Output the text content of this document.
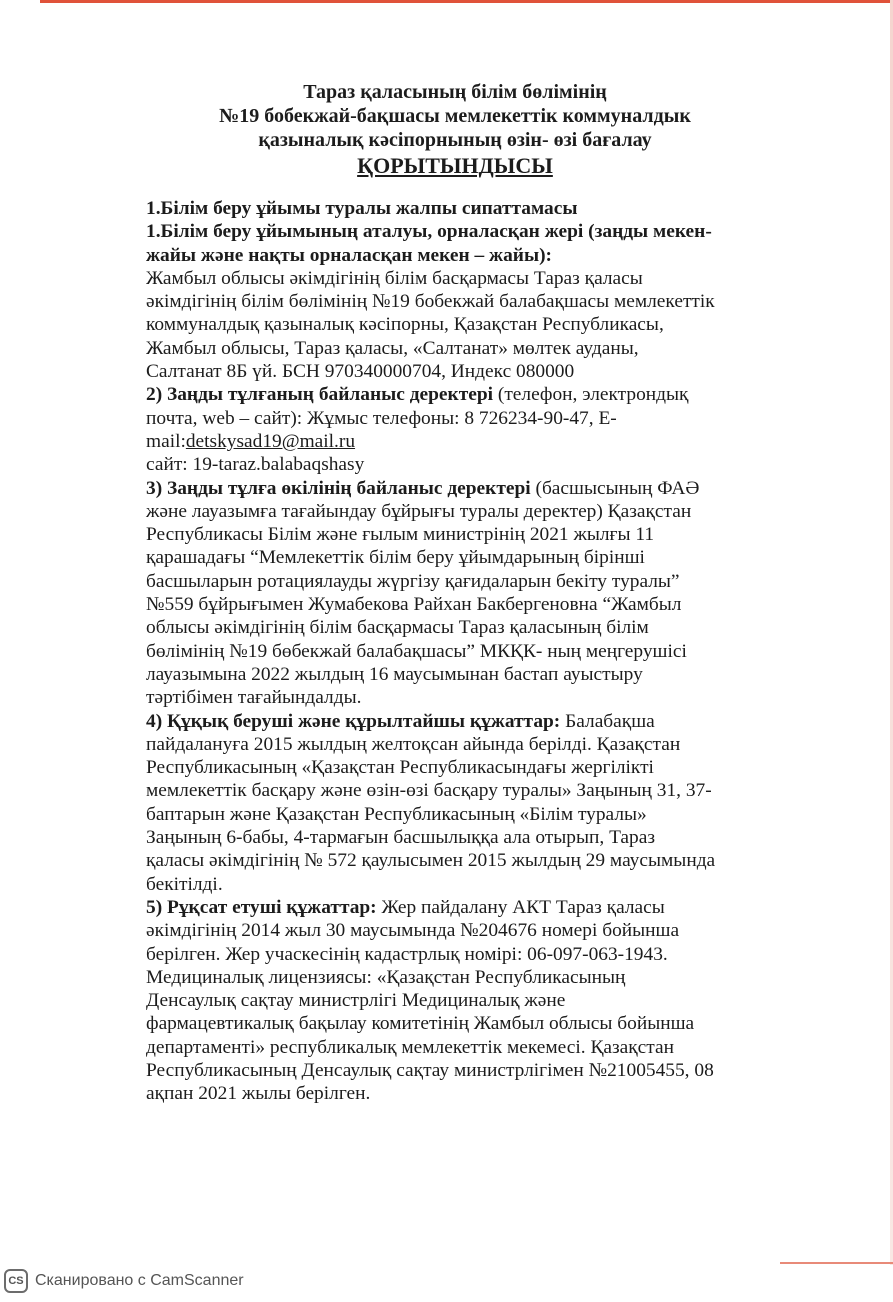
Тараз қаласының білім бөлімінің
№19 бобекжай-бақшасы мемлекеттік коммуналдык
қазыналық кәсіпорнының өзін- өзі бағалау
ҚОРЫТЫНДЫСЫ
1.Білім беру ұйымы туралы жалпы сипаттамасы
1.Білім беру ұйымының аталуы, орналасқан жері (заңды мекен-
жайы және нақты орналасқан мекен – жайы):
Жамбыл облысы әкімдігінің білім басқармасы Тараз қаласы
әкімдігінің білім бөлімінің №19 бобекжай балабақшасы мемлекеттік
коммуналдық қазыналық кәсіпорны, Қазақстан Республикасы,
Жамбыл облысы, Тараз қаласы, «Салтанат» мөлтек ауданы,
Салтанат 8Б үй. БСН 970340000704, Индекс 080000
2) Заңды тұлғаның байланыс деректері (телефон, электрондық
почта, web – сайт): Жұмыс телефоны: 8 726234-90-47, Е-
mail:detskysad19@mail.ru
сайт: 19-taraz.balabaqshasy
3) Заңды тұлға өкілінің байланыс деректері (басшысының ФАӘ
және лауазымға тағайындау бұйрығы туралы деректер) Қазақстан
Республикасы Білім және ғылым министрінің 2021 жылғы 11
қарашадағы “Мемлекеттік білім беру ұйымдарының бірінші
басшыларын ротациялауды жүргізу қағидаларын бекіту туралы”
№559 бұйрығымен Жумабекова Райхан Бакбергеновна “Жамбыл
облысы әкімдігінің білім басқармасы Тараз қаласының білім
бөлімінің №19 бөбекжай балабақшасы” МКҚК- ның меңгерушісі
лауазымына 2022 жылдың 16 маусымынан бастап ауыстыру
тәртібімен тағайындалды.
4) Құқық беруші және құрылтайшы құжаттар: Балабақша
пайдалануға 2015 жылдың желтоқсан айында берілді. Қазақстан
Республикасының «Қазақстан Республикасындағы жергілікті
мемлекеттік басқару және өзін-өзі басқару туралы» Заңының 31, 37-
баптарын және Қазақстан Республикасының «Білім туралы»
Заңының 6-бабы, 4-тармағын басшылыққа ала отырып, Тараз
қаласы әкімдігінің № 572 қаулысымен 2015 жылдың 29 маусымында
бекітілді.
5) Рұқсат етуші құжаттар: Жер пайдалану АКТ Тараз қаласы
әкімдігінің 2014 жыл 30 маусымында №204676 номері бойынша
берілген. Жер учаскесінің кадастрлық номірі: 06-097-063-1943.
Медициналық лицензиясы: «Қазақстан Республикасының
Денсаулық сақтау министрлігі Медициналық және
фармацевтикалық бақылау комитетінің Жамбыл облысы бойынша
департаменті» республикалық мемлекеттік мекемесі. Қазақстан
Республикасының Денсаулық сақтау министрлігімен №21005455, 08
ақпан 2021 жылы берілген.
CS Сканировано с CamScanner
